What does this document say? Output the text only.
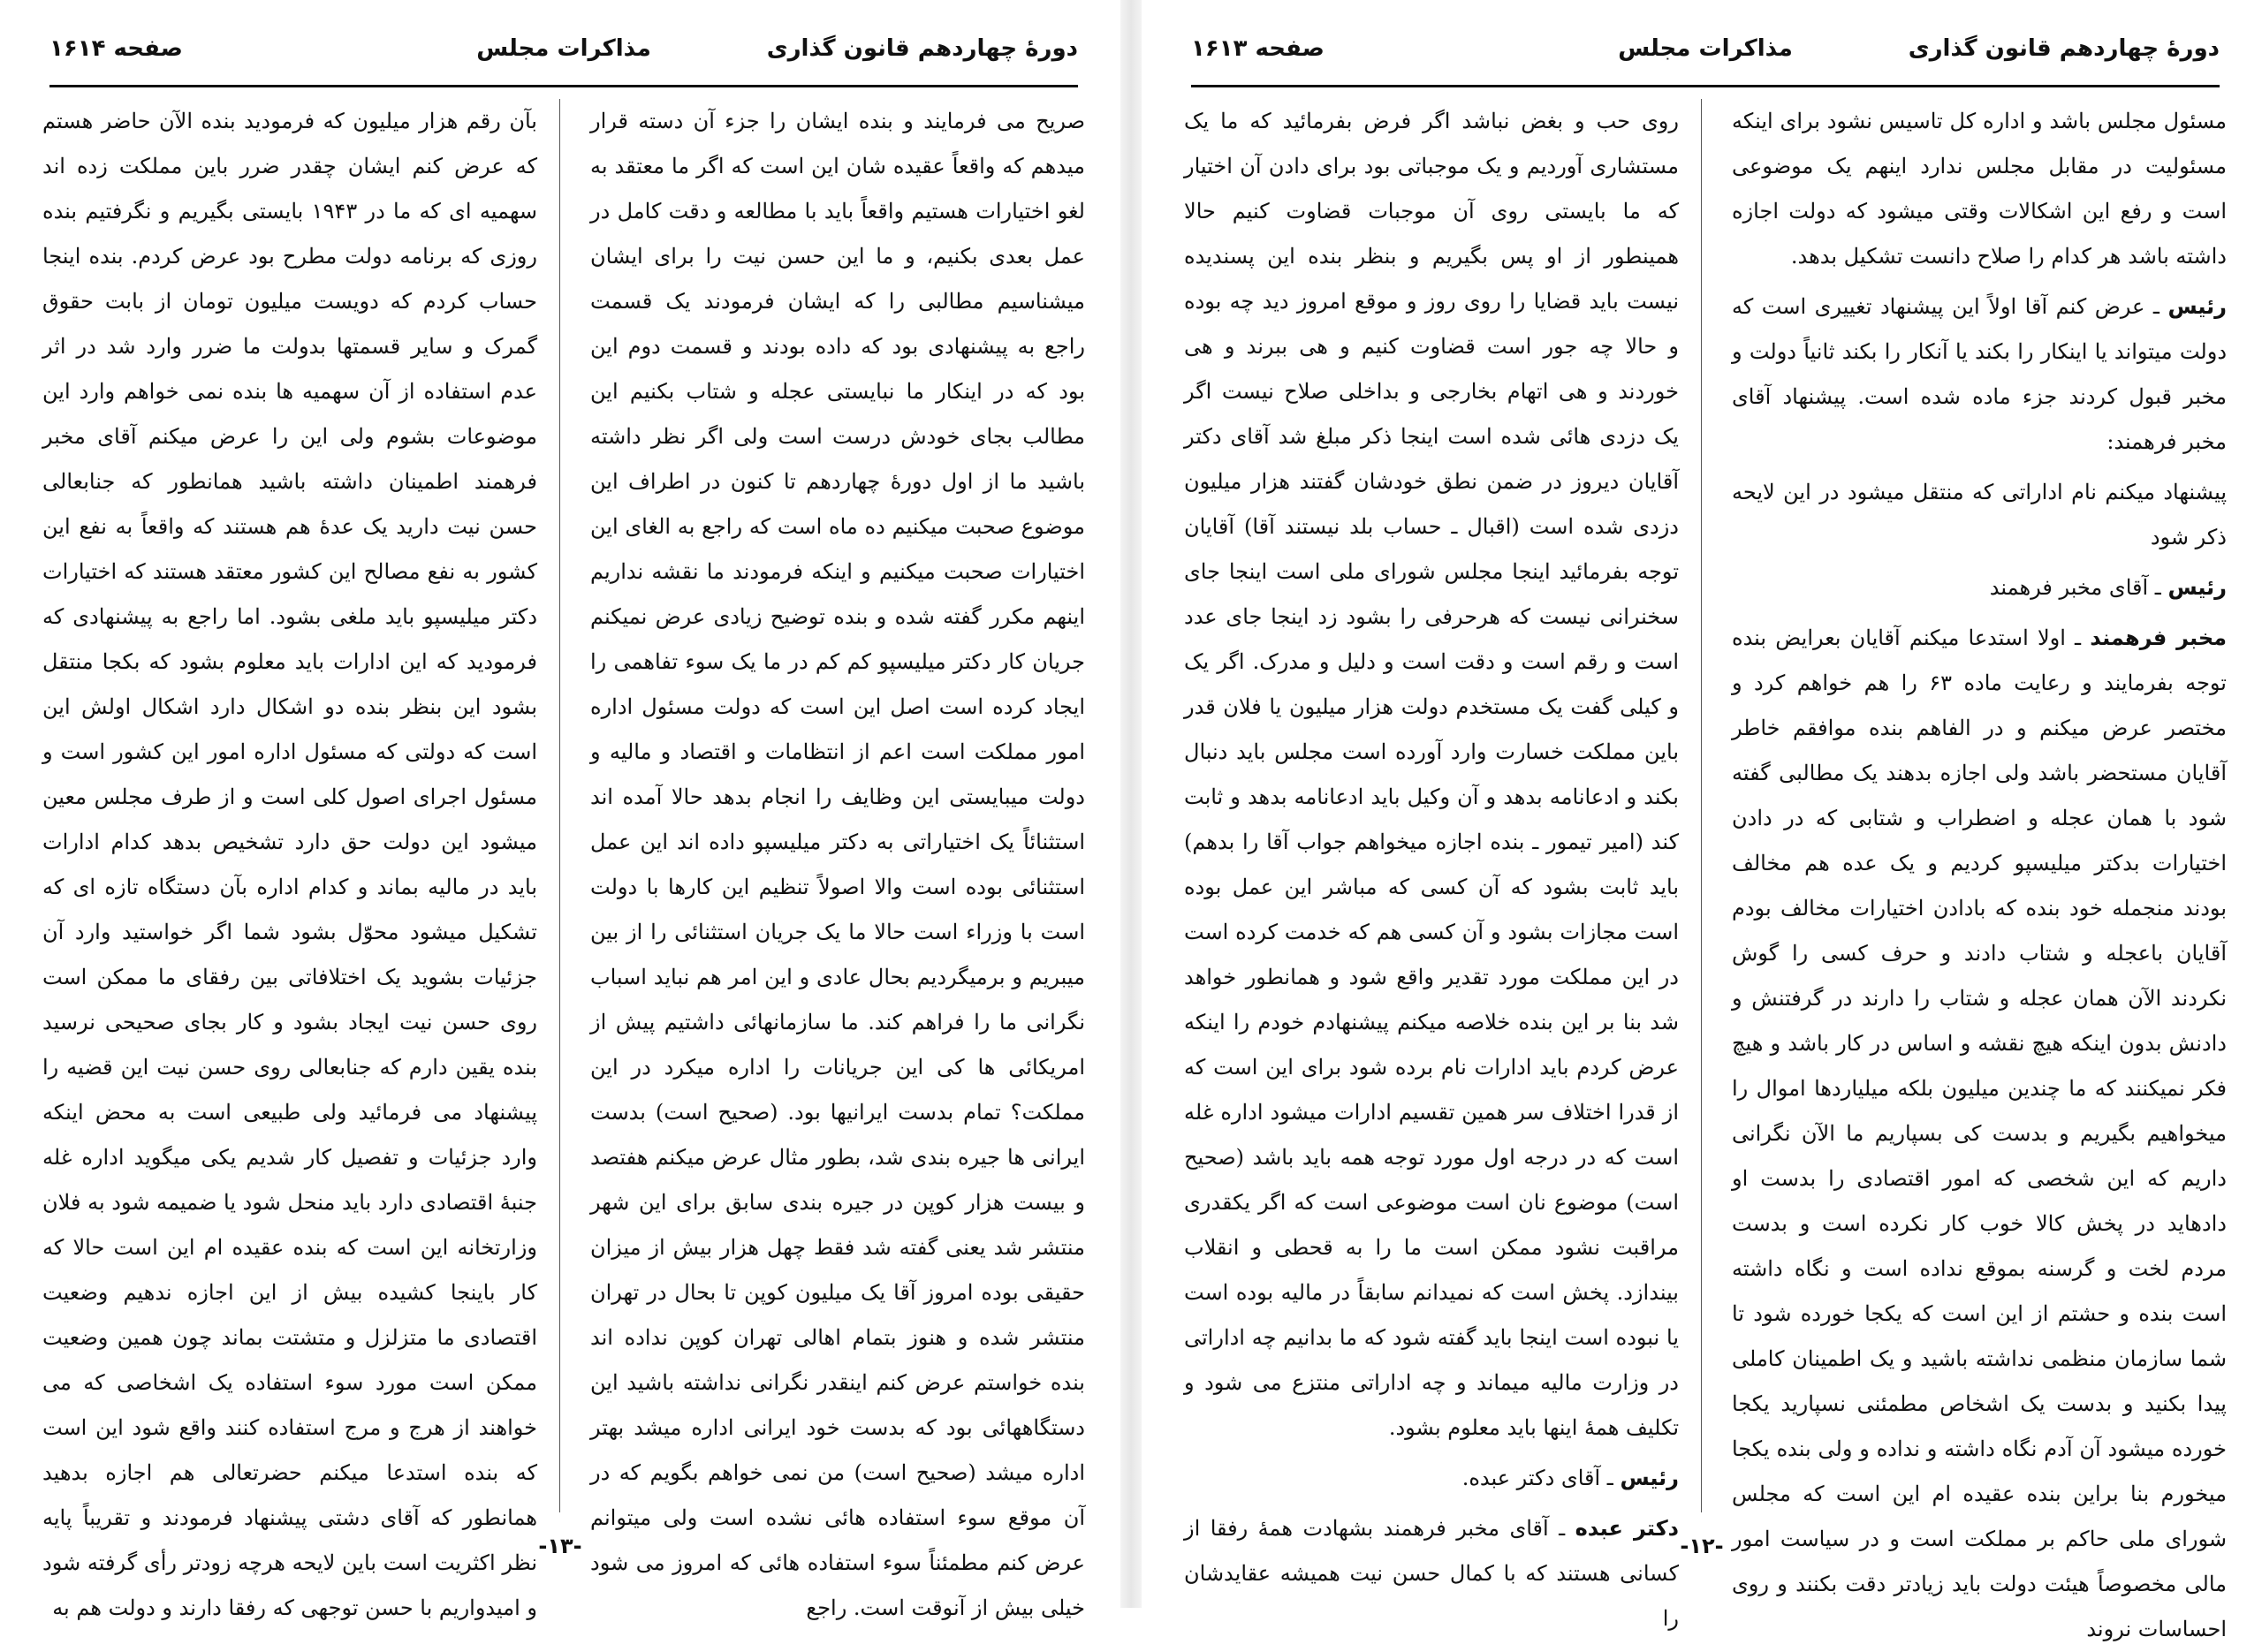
دورهٔ چهاردهم قانون گذاری
مذاکرات مجلس
صفحه ۱۶۱۴

صریح می فرمایند و بنده ایشان را جزء آن دسته قرار میدهم که واقعاً عقیده شان این است که اگر ما معتقد به لغو اختیارات هستیم واقعاً باید با مطالعه و دقت کامل در عمل بعدی بکنیم، و ما این حسن نیت را برای ایشان میشناسیم مطالبی را که ایشان فرمودند یک قسمت راجع به پیشنهادی بود که داده بودند و قسمت دوم این بود که در اینکار ما نبایستی عجله و شتاب بکنیم این مطالب بجای خودش درست است ولی اگر نظر داشته باشید ما از اول دورهٔ چهاردهم تا کنون در اطراف این موضوع صحبت میکنیم ده ماه است که راجع به الغای این اختیارات صحبت میکنیم و اینکه فرمودند ما نقشه نداریم اینهم مکرر گفته شده و بنده توضیح زیادی عرض نمیکنم جریان کار دکتر میلیسپو کم کم در ما یک سوء تفاهمی را ایجاد کرده است اصل این است که دولت مسئول اداره امور مملکت است اعم از انتظامات و اقتصاد و مالیه و دولت میبایستی این وظایف را انجام بدهد حالا آمده اند استثنائاً یک اختیاراتی به دکتر میلیسپو داده اند این عمل استثنائی بوده است والا اصولاً تنظیم این کارها با دولت است با وزراء است حالا ما یک جریان استثنائی را از بین میبریم و برمیگردیم بحال عادی و این امر هم نباید اسباب نگرانی ما را فراهم کند. ما سازمانهائی داشتیم پیش از امریکائی ها کی این جریانات را اداره میکرد در این مملکت؟ تمام بدست ایرانیها بود. (صحیح است) بدست ایرانی ها جیره بندی شد، بطور مثال عرض میکنم هفتصد و بیست هزار کوپن در جیره بندی سابق برای این شهر منتشر شد یعنی گفته شد فقط چهل هزار بیش از میزان حقیقی بوده امروز آقا یک میلیون کوپن تا بحال در تهران منتشر شده و هنوز بتمام اهالی تهران کوپن نداده اند بنده خواستم عرض کنم اینقدر نگرانی نداشته باشید این دستگاههائی بود که بدست خود ایرانی اداره میشد بهتر اداره میشد (صحیح است) من نمی خواهم بگویم که در آن موقع سوء استفاده هائی نشده است ولی میتوانم عرض کنم مطمئناً سوء استفاده هائی که امروز می شود خیلی بیش از آنوقت است. راجع

بآن رقم هزار میلیون که فرمودید بنده الآن حاضر هستم که عرض کنم ایشان چقدر ضرر باین مملکت زده اند سهمیه ای که ما در ۱۹۴۳ بایستی بگیریم و نگرفتیم بنده روزی که برنامه دولت مطرح بود عرض کردم. بنده اینجا حساب کردم که دویست میلیون تومان از بابت حقوق گمرک و سایر قسمتها بدولت ما ضرر وارد شد در اثر عدم استفاده از آن سهمیه ها بنده نمی خواهم وارد این موضوعات بشوم ولی این را عرض میکنم آقای مخبر فرهمند اطمینان داشته باشید همانطور که جنابعالی حسن نیت دارید یک عدهٔ هم هستند که واقعاً به نفع این کشور به نفع مصالح این کشور معتقد هستند که اختیارات دکتر میلیسپو باید ملغی بشود. اما راجع به پیشنهادی که فرمودید که این ادارات باید معلوم بشود که بکجا منتقل بشود این بنظر بنده دو اشکال دارد اشکال اولش این است که دولتی که مسئول اداره امور این کشور است و مسئول اجرای اصول کلی است و از طرف مجلس معین میشود این دولت حق دارد تشخیص بدهد کدام ادارات باید در مالیه بماند و کدام اداره بآن دستگاه تازه ای که تشکیل میشود محوّل بشود شما اگر خواستید وارد آن جزئیات بشوید یک اختلافاتی بین رفقای ما ممکن است روی حسن نیت ایجاد بشود و کار بجای صحیحی نرسید بنده یقین دارم که جنابعالی روی حسن نیت این قضیه را پیشنهاد می فرمائید ولی طبیعی است به محض اینکه وارد جزئیات و تفصیل کار شدیم یکی میگوید اداره غله جنبهٔ اقتصادی دارد باید منحل شود یا ضمیمه شود به فلان وزارتخانه این است که بنده عقیده ام این است حالا که کار باینجا کشیده بیش از این اجازه ندهیم وضعیت اقتصادی ما متزلزل و متشتت بماند چون همین وضعیت ممکن است مورد سوء استفاده یک اشخاصی که می خواهند از هرج و مرج استفاده کنند واقع شود این است که بنده استدعا میکنم حضرتعالی هم اجازه بدهید همانطور که آقای دشتی پیشنهاد فرمودند و تقریباً پایه نظر اکثریت است باین لایحه هرچه زودتر رأی گرفته شود و امیدواریم با حسن توجهی که رفقا دارند و دولت هم به

-۱۳-
دورهٔ چهاردهم قانون گذاری
مذاکرات مجلس
صفحه ۱۶۱۳

مسئول مجلس باشد و اداره کل تاسیس نشود برای اینکه مسئولیت در مقابل مجلس ندارد اینهم یک موضوعی است و رفع این اشکالات وقتی میشود که دولت اجازه داشته باشد هر کدام را صلاح دانست تشکیل بدهد.

رئیس ـ عرض کنم آقا اولاً این پیشنهاد تغییری است که دولت میتواند یا اینکار را بکند یا آنکار را بکند ثانیاً دولت و مخبر قبول کردند جزء ماده شده است. پیشنهاد آقای مخبر فرهمند:

پیشنهاد میکنم نام اداراتی که منتقل میشود در این لایحه ذکر شود

رئیس ـ آقای مخبر فرهمند

مخبر فرهمند ـ اولا استدعا میکنم آقایان بعرایض بنده توجه بفرمایند و رعایت ماده ۶۳ را هم خواهم کرد و مختصر عرض میکنم و در الفاهم بنده موافقم خاطر آقایان مستحضر باشد ولی اجازه بدهند یک مطالبی گفته شود با همان عجله و اضطراب و شتابی که در دادن اختیارات بدکتر میلیسپو کردیم و یک عده هم مخالف بودند منجمله خود بنده که بادادن اختیارات مخالف بودم آقایان باعجله و شتاب دادند و حرف کسی را گوش نکردند الآن همان عجله و شتاب را دارند در گرفتنش و دادنش بدون اینکه هیچ نقشه و اساس در کار باشد و هیچ فکر نمیکنند که ما چندین میلیون بلکه میلیاردها اموال را میخواهیم بگیریم و بدست کی بسپاریم ما الآن نگرانی داریم که این شخصی که امور اقتصادی را بدست او دادهاید در پخش کالا خوب کار نکرده است و بدست مردم لخت و گرسنه بموقع نداده است و نگاه داشته است بنده و حشتم از این است که یکجا خورده شود تا شما سازمان منظمی نداشته باشید و یک اطمینان کاملی پیدا بکنید و بدست یک اشخاص مطمئنی نسپارید یکجا خورده میشود آن آدم نگاه داشته و نداده و ولی بنده یکجا میخورم بنا براین بنده عقیده ام این است که مجلس شورای ملی حاکم بر مملکت است و در سیاست امور مالی مخصوصاً هیئت دولت باید زیادتر دقت بکنند و روی احساسات نروند

روی حب و بغض نباشد اگر فرض بفرمائید که ما یک مستشاری آوردیم و یک موجباتی بود برای دادن آن اختیار که ما بایستی روی آن موجبات قضاوت کنیم حالا همینطور از او پس بگیریم و بنظر بنده این پسندیده نیست باید قضایا را روی روز و موقع امروز دید چه بوده و حالا چه جور است قضاوت کنیم و هی ببرند و هی خوردند و هی اتهام بخارجی و بداخلی صلاح نیست اگر یک دزدی هائی شده است اینجا ذکر مبلغ شد آقای دکتر آقایان دیروز در ضمن نطق خودشان گفتند هزار میلیون دزدی شده است (اقبال ـ حساب بلد نیستند آقا) آقایان توجه بفرمائید اینجا مجلس شورای ملی است اینجا جای سخنرانی نیست که هرحرفی را بشود زد اینجا جای عدد است و رقم است و دقت است و دلیل و مدرک. اگر یک و کیلی گفت یک مستخدم دولت هزار میلیون یا فلان قدر باین مملکت خسارت وارد آورده است مجلس باید دنبال بکند و ادعانامه بدهد و آن وکیل باید ادعانامه بدهد و ثابت کند (امیر تیمور ـ بنده اجازه میخواهم جواب آقا را بدهم) باید ثابت بشود که آن کسی که مباشر این عمل بوده است مجازات بشود و آن کسی هم که خدمت کرده است در این مملکت مورد تقدیر واقع شود و همانطور خواهد شد بنا بر این بنده خلاصه میکنم پیشنهادم خودم را اینکه عرض کردم باید ادارات نام برده شود برای این است که از قدرا اختلاف سر همین تقسیم ادارات میشود اداره غله است که در درجه اول مورد توجه همه باید باشد (صحیح است) موضوع نان است موضوعی است که اگر یکقدری مراقبت نشود ممکن است ما را به قحطی و انقلاب بیندازد. پخش است که نمیدانم سابقاً در مالیه بوده است یا نبوده است اینجا باید گفته شود که ما بدانیم چه اداراتی در وزارت مالیه میماند و چه اداراتی منتزع می شود و تکلیف همهٔ اینها باید معلوم بشود.

رئیس ـ آقای دکتر عبده.

دکتر عبده ـ آقای مخبر فرهمند بشهادت همهٔ رفقا از کسانی هستند که با کمال حسن نیت همیشه عقایدشان را

-۱۲-
